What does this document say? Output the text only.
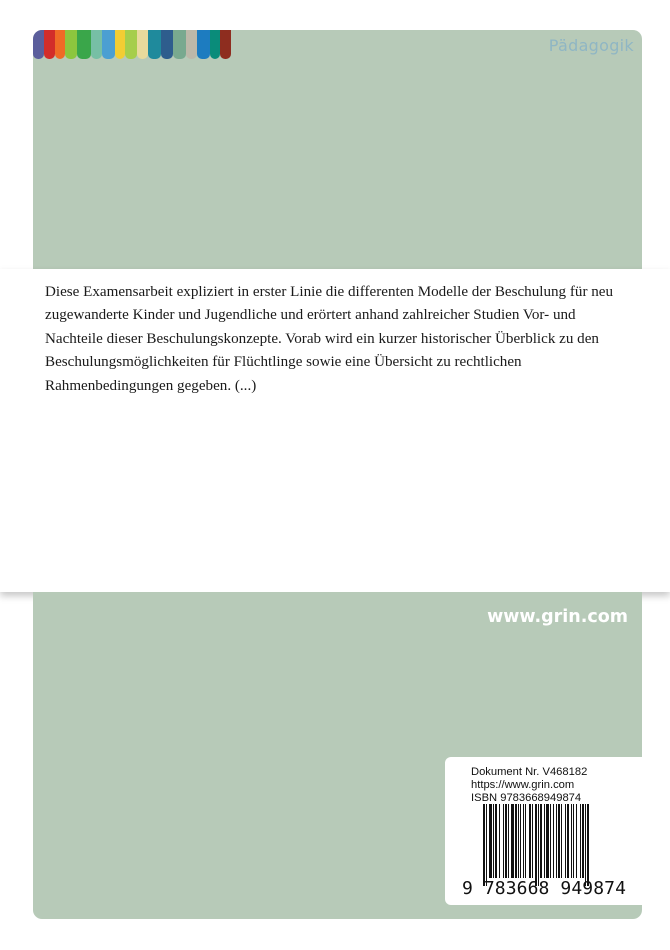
Pädagogik

Diese Examensarbeit expliziert in erster Linie die differenten Modelle der Beschulung für neu zugewanderte Kinder und Jugendliche und erörtert anhand zahlreicher Studien Vor- und Nachteile dieser Beschulungskonzepte. Vorab wird ein kurzer historischer Überblick zu den Beschulungsmöglichkeiten für Flüchtlinge sowie eine Übersicht zu rechtlichen Rahmenbedingungen gegeben. (...)

www.grin.com
Dokument Nr. V468182
https://www.grin.com
ISBN 9783668949874
9 783668 949874
